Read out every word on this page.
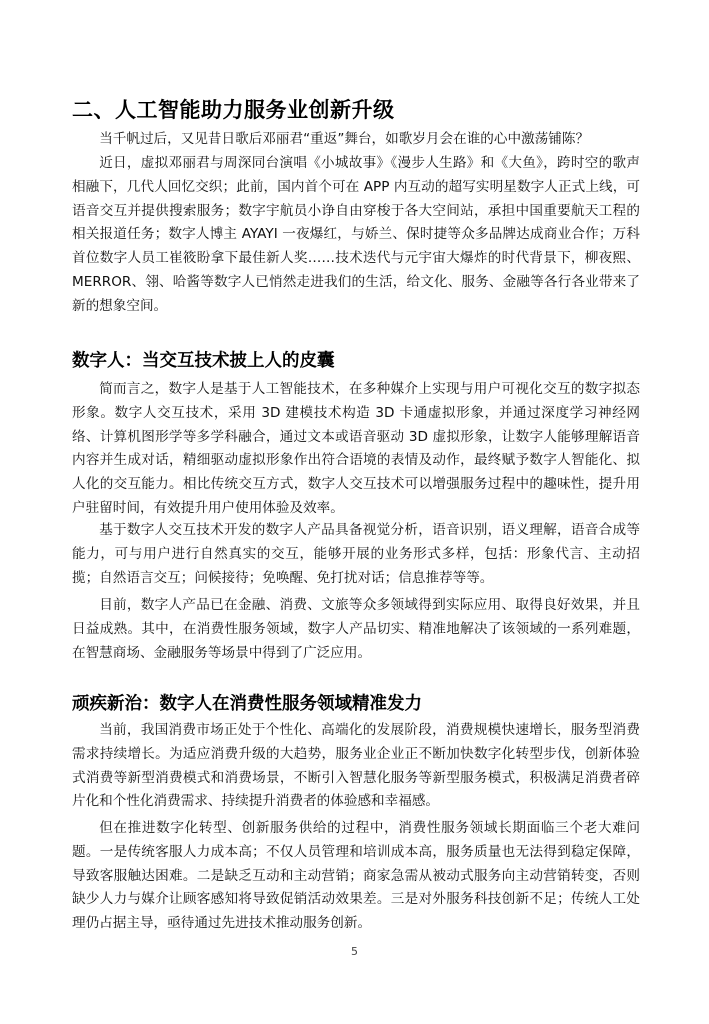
二、人工智能助力服务业创新升级

当千帆过后，又见昔日歌后邓丽君“重返”舞台，如歌岁月会在谁的心中激荡铺陈？

近日，虚拟邓丽君与周深同台演唱《小城故事》《漫步人生路》和《大鱼》，跨时空的歌声相融下，几代人回忆交织；此前，国内首个可在 APP 内互动的超写实明星数字人正式上线，可语音交互并提供搜索服务；数字宇航员小诤自由穿梭于各大空间站，承担中国重要航天工程的相关报道任务；数字人博主 AYAYI 一夜爆红，与娇兰、保时捷等众多品牌达成商业合作；万科首位数字人员工崔筱盼拿下最佳新人奖……技术迭代与元宇宙大爆炸的时代背景下，柳夜熙、MERROR、翎、哈酱等数字人已悄然走进我们的生活，给文化、服务、金融等各行各业带来了新的想象空间。

数字人：当交互技术披上人的皮囊

简而言之，数字人是基于人工智能技术，在多种媒介上实现与用户可视化交互的数字拟态形象。数字人交互技术，采用 3D 建模技术构造 3D 卡通虚拟形象，并通过深度学习神经网络、计算机图形学等多学科融合，通过文本或语音驱动 3D 虚拟形象，让数字人能够理解语音内容并生成对话，精细驱动虚拟形象作出符合语境的表情及动作，最终赋予数字人智能化、拟人化的交互能力。相比传统交互方式，数字人交互技术可以增强服务过程中的趣味性，提升用户驻留时间，有效提升用户使用体验及效率。

基于数字人交互技术开发的数字人产品具备视觉分析，语音识别，语义理解，语音合成等能力，可与用户进行自然真实的交互，能够开展的业务形式多样，包括：形象代言、主动招揽；自然语言交互；问候接待；免唤醒、免打扰对话；信息推荐等等。

目前，数字人产品已在金融、消费、文旅等众多领域得到实际应用、取得良好效果，并且日益成熟。其中，在消费性服务领域，数字人产品切实、精准地解决了该领域的一系列难题，在智慧商场、金融服务等场景中得到了广泛应用。

顽疾新治：数字人在消费性服务领域精准发力

当前，我国消费市场正处于个性化、高端化的发展阶段，消费规模快速增长，服务型消费需求持续增长。为适应消费升级的大趋势，服务业企业正不断加快数字化转型步伐，创新体验式消费等新型消费模式和消费场景，不断引入智慧化服务等新型服务模式，积极满足消费者碎片化和个性化消费需求、持续提升消费者的体验感和幸福感。

但在推进数字化转型、创新服务供给的过程中，消费性服务领域长期面临三个老大难问题。一是传统客服人力成本高；不仅人员管理和培训成本高，服务质量也无法得到稳定保障，导致客服触达困难。二是缺乏互动和主动营销；商家急需从被动式服务向主动营销转变，否则缺少人力与媒介让顾客感知将导致促销活动效果差。三是对外服务科技创新不足；传统人工处理仍占据主导，亟待通过先进技术推动服务创新。

5
